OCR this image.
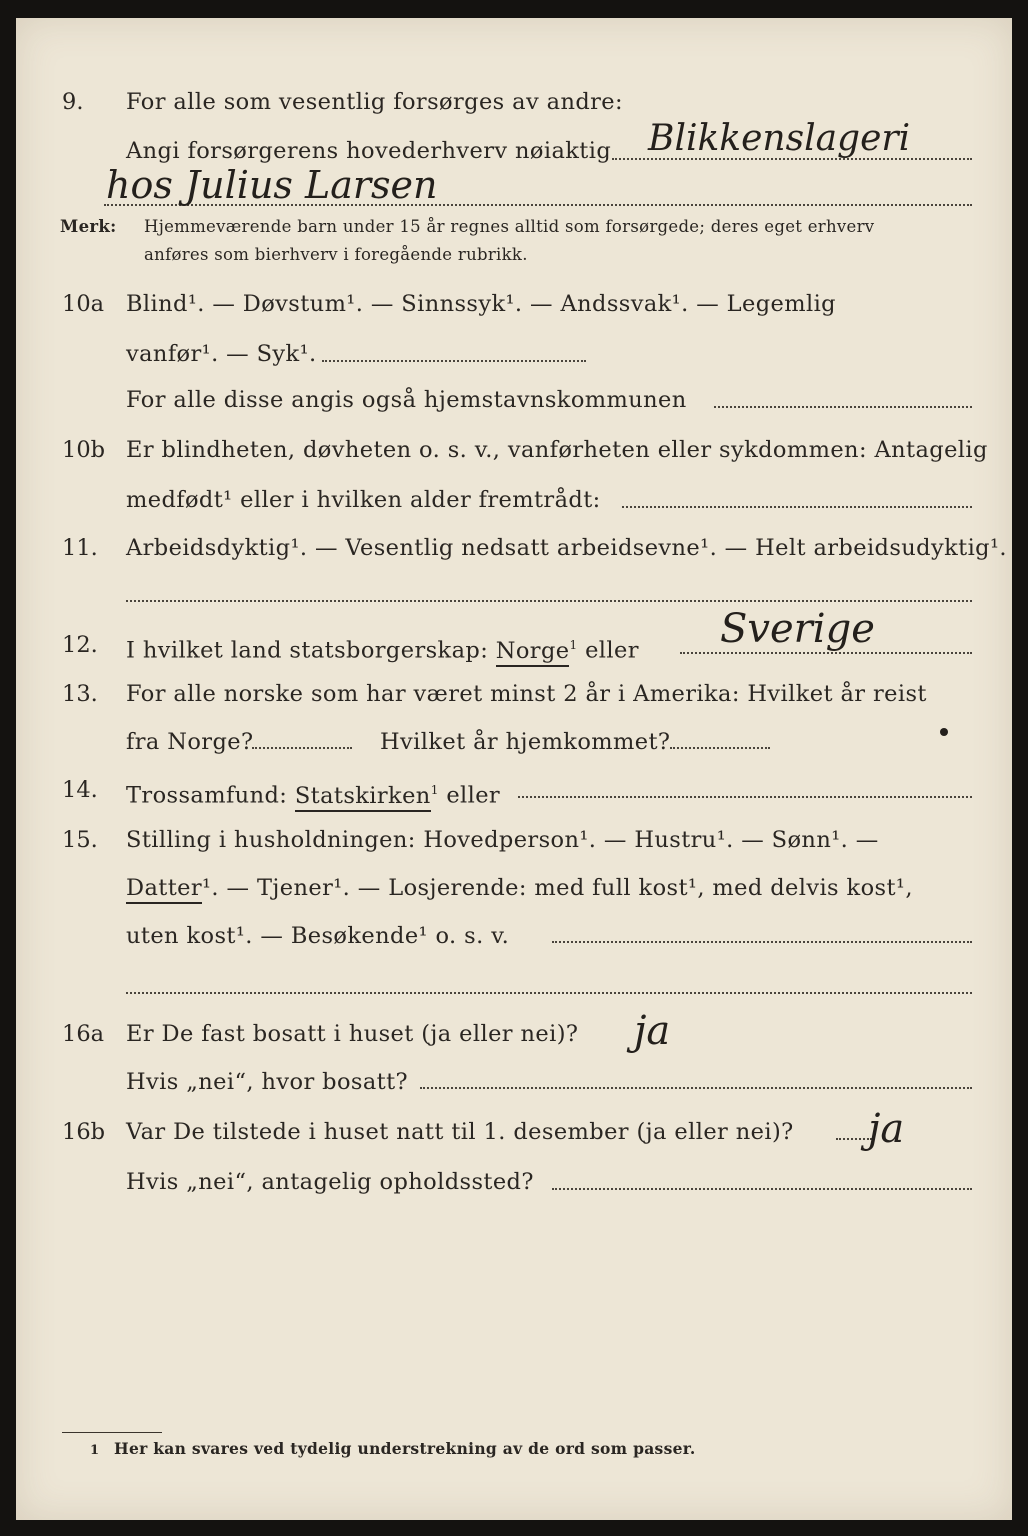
9. For alle som vesentlig forsørges av andre:
Angi forsørgerens hovederhverv nøiaktig Blikkenslageri
hos Julius Larsen
Merk: Hjemmeværende barn under 15 år regnes alltid som forsørgede; deres eget erhverv
anføres som bierhverv i foregående rubrikk.
10a Blind¹. — Døvstum¹. — Sinnssyk¹. — Andssvak¹. — Legemlig
vanfør¹. — Syk¹.
For alle disse angis også hjemstavnskommunen
10b Er blindheten, døvheten o. s. v., vanførheten eller sykdommen: Antagelig
medfødt¹ eller i hvilken alder fremtrådt:
11. Arbeidsdyktig¹. — Vesentlig nedsatt arbeidsevne¹. — Helt arbeidsudyktig¹.
12. I hvilket land statsborgerskap: Norge$^1$ eller Sverige
13. For alle norske som har været minst 2 år i Amerika: Hvilket år reist
fra Norge?	Hvilket år hjemkommet?
14. Trossamfund: Statskirken$^1$ eller
15. Stilling i husholdningen: Hovedperson¹. — Hustru¹. — Sønn¹. —
Datter¹. — Tjener¹. — Losjerende: med full kost¹, med delvis kost¹,
uten kost¹. — Besøkende¹ o. s. v.
16a Er De fast bosatt i huset (ja eller nei)? ja
Hvis „nei“, hvor bosatt?
16b Var De tilstede i huset natt til 1. desember (ja eller nei)? ja
Hvis „nei“, antagelig opholdssted?
1 Her kan svares ved tydelig understrekning av de ord som passer.
